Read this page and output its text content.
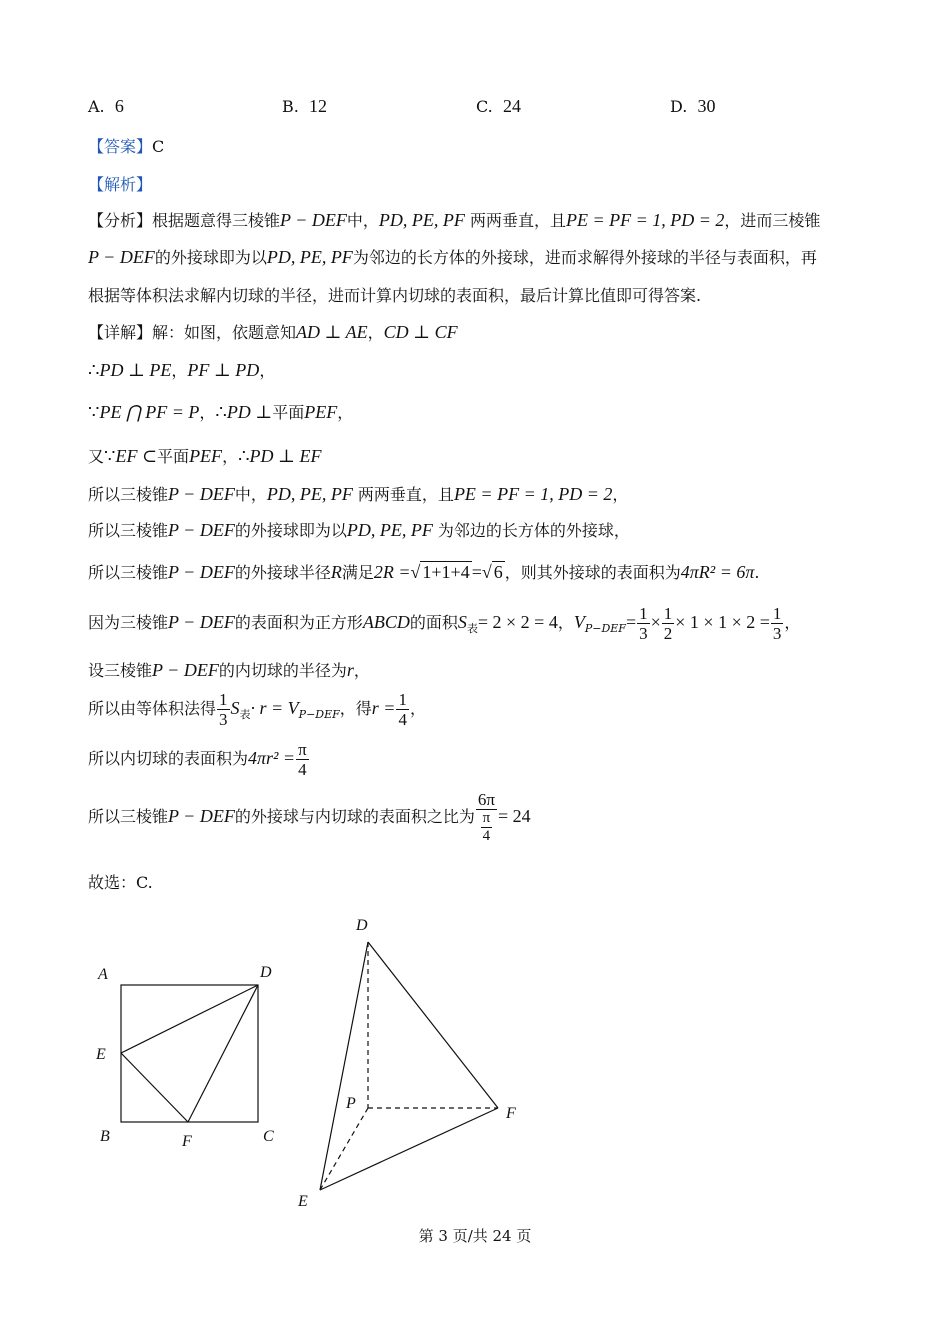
A. 6	B. 12	C. 24	D. 30
【答案】C
【解析】
【分析】根据题意得三棱锥P − DEF中，PD, PE, PF 两两垂直，且PE = PF = 1, PD = 2，进而三棱锥
P − DEF的外接球即为以PD, PE, PF为邻边的长方体的外接球，进而求解得外接球的半径与表面积，再
根据等体积法求解内切球的半径，进而计算内切球的表面积，最后计算比值即可得答案.
【详解】解：如图，依题意知AD ⊥ AE，CD ⊥ CF
∴PD ⊥ PE，PF ⊥ PD，
∵PE ⋂ PF = P，∴PD ⊥平面PEF，
又∵EF ⊂平面PEF，∴PD ⊥ EF
所以三棱锥P − DEF中，PD, PE, PF 两两垂直，且PE = PF = 1, PD = 2，
所以三棱锥P − DEF的外接球即为以PD, PE, PF 为邻边的长方体的外接球，
所以三棱锥P − DEF的外接球半径R满足2R =√ 1+1+4 =√ 6 ，则其外接球的表面积为4πR² = 6π.
因为三棱锥P − DEF的表面积为正方形ABCD的面积$S_表= 2 \times 2 = 4$，$V_{P-DEF}= \frac{1}{3} \times \frac{1}{2} \times 1 \times 1 \times 2 = \frac{1}{3}$ ，
设三棱锥P − DEF的内切球的半径为r，
所以由等体积法得 $\frac{1}{3} S_表\cdot r = V_{P-DEF}$，得$r = \frac{1}{4}$ ，
所以内切球的表面积为$4\pi r^2 = \frac{\pi}{4}$
所以三棱锥P − DEF的外接球与内切球的表面积之比为 $\frac{6\pi}{\frac{\pi}{4}} = 24$
故选：C.
A	D
E
B	F	C
D
P
F
E
第 3 页/共 24 页
